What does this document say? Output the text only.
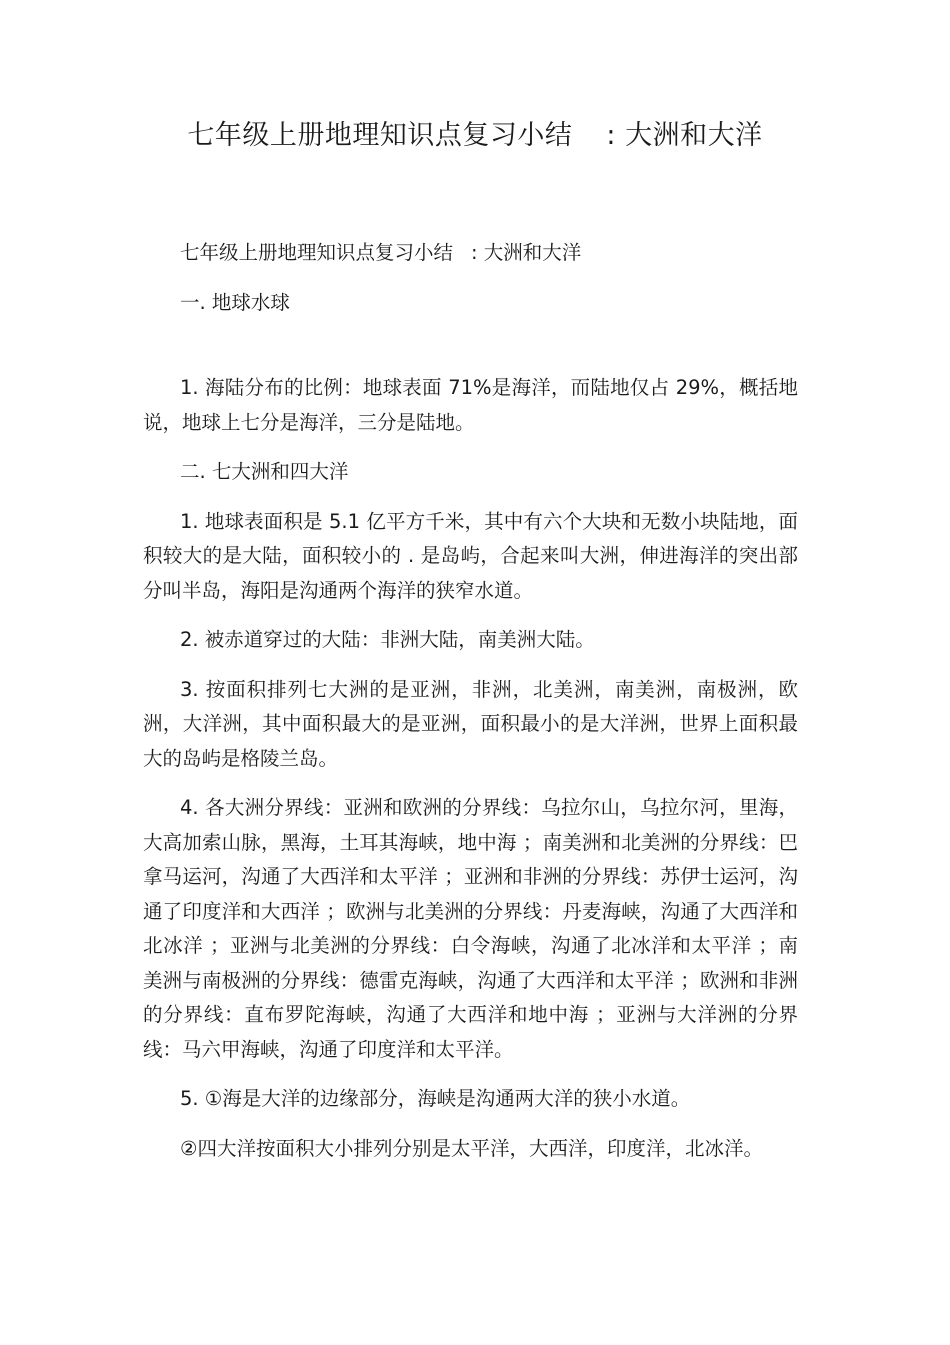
七年级上册地理知识点复习小结 : 大洲和大洋

七年级上册地理知识点复习小结 : 大洲和大洋

一. 地球水球

1. 海陆分布的比例：地球表面 71%是海洋，而陆地仅占 29%，概括地说，地球上七分是海洋，三分是陆地。

二. 七大洲和四大洋

1. 地球表面积是 5.1 亿平方千米，其中有六个大块和无数小块陆地，面积较大的是大陆，面积较小的 . 是岛屿，合起来叫大洲，伸进海洋的突出部分叫半岛，海阳是沟通两个海洋的狭窄水道。

2. 被赤道穿过的大陆：非洲大陆，南美洲大陆。

3. 按面积排列七大洲的是亚洲，非洲，北美洲，南美洲，南极洲，欧洲，大洋洲，其中面积最大的是亚洲，面积最小的是大洋洲，世界上面积最大的岛屿是格陵兰岛。

4. 各大洲分界线：亚洲和欧洲的分界线：乌拉尔山，乌拉尔河，里海，大高加索山脉，黑海，土耳其海峡，地中海 ；南美洲和北美洲的分界线：巴拿马运河，沟通了大西洋和太平洋 ；亚洲和非洲的分界线：苏伊士运河，沟通了印度洋和大西洋 ；欧洲与北美洲的分界线：丹麦海峡，沟通了大西洋和北冰洋 ；亚洲与北美洲的分界线：白令海峡，沟通了北冰洋和太平洋 ；南美洲与南极洲的分界线：德雷克海峡，沟通了大西洋和太平洋 ；欧洲和非洲的分界线：直布罗陀海峡，沟通了大西洋和地中海 ；亚洲与大洋洲的分界线：马六甲海峡，沟通了印度洋和太平洋。

5. ①海是大洋的边缘部分，海峡是沟通两大洋的狭小水道。

②四大洋按面积大小排列分别是太平洋，大西洋，印度洋，北冰洋。
